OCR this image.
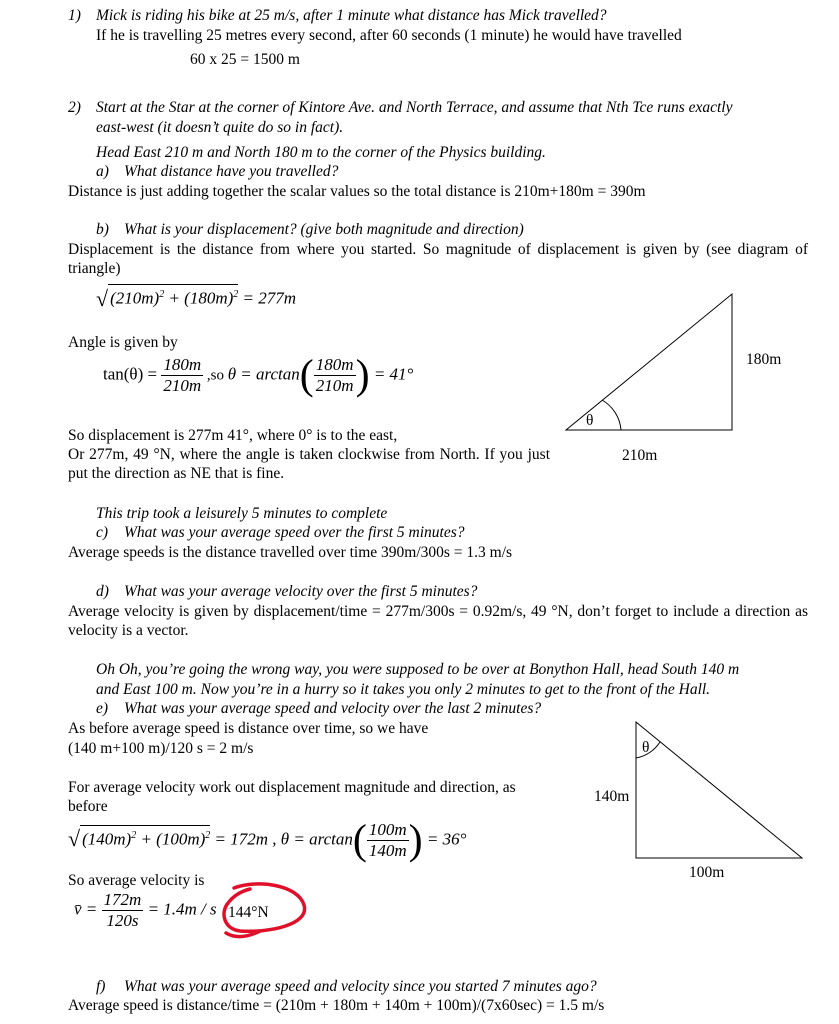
1) Mick is riding his bike at 25 m/s, after 1 minute what distance has Mick travelled?
If he is travelling 25 metres every second, after 60 seconds (1 minute) he would have travelled
60 x 25 = 1500 m
2) Start at the Star at the corner of Kintore Ave. and North Terrace, and assume that Nth Tce runs exactly
east-west (it doesn’t quite do so in fact).
Head East 210 m and North 180 m to the corner of the Physics building.
a) What distance have you travelled?
Distance is just adding together the scalar values so the total distance is 210m+180m = 390m
b) What is your displacement? (give both magnitude and direction)
Displacement is the distance from where you started. So magnitude of displacement is given by (see diagram of triangle)
√ $(210m)^2 + (180m)^2 = 277m$
Angle is given by
$\tan(\theta) = \frac{180m}{210m} ,so$ $\theta = \arctan( \frac{180m}{210m}$ ) = 41°
So displacement is 277m 41°, where 0° is to the east,
Or 277m, 49 °N, where the angle is taken clockwise from North. If you just put the direction as NE that is fine.
θ
180m
210m
This trip took a leisurely 5 minutes to complete
c) What was your average speed over the first 5 minutes?
Average speeds is the distance travelled over time 390m/300s = 1.3 m/s
d) What was your average velocity over the first 5 minutes?
Average velocity is given by displacement/time = 277m/300s = 0.92m/s, 49 °N, don’t forget to include a direction as velocity is a vector.
Oh Oh, you’re going the wrong way, you were supposed to be over at Bonython Hall, head South 140 m
and East 100 m. Now you’re in a hurry so it takes you only 2 minutes to get to the front of the Hall.
e) What was your average speed and velocity over the last 2 minutes?
As before average speed is distance over time, so we have
(140 m+100 m)/120 s = 2 m/s
For average velocity work out displacement magnitude and direction, as before
√ $(140m)^2 + (100m)^2 = 172m$ , $\theta = \arctan( \frac{100m}{140m}$ ) = 36°
So average velocity is
v̄ = $\frac{172m}{120s} = 1.4m / s$ 144°N
θ
140m
100m
f) What was your average speed and velocity since you started 7 minutes ago?
Average speed is distance/time = (210m + 180m + 140m + 100m)/(7x60sec) = 1.5 m/s
